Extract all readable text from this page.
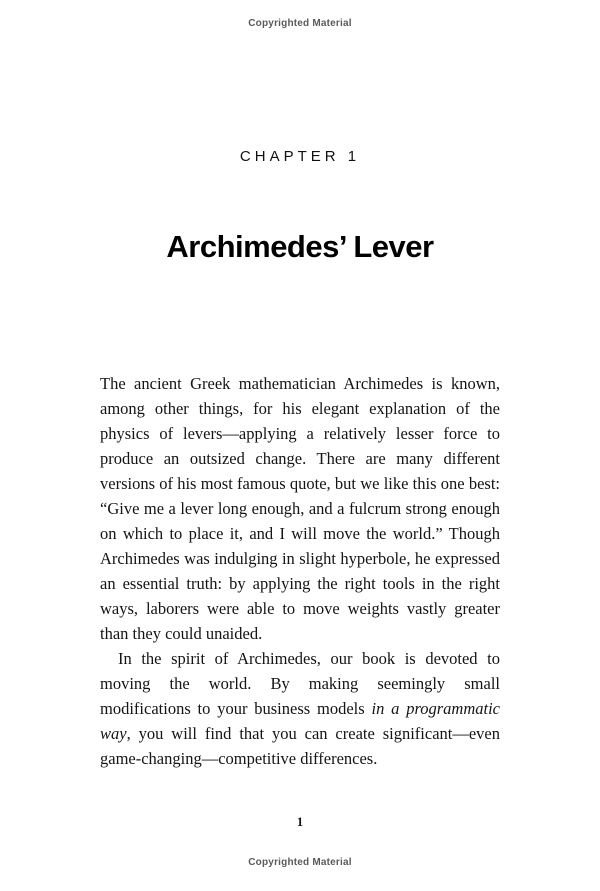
Copyrighted Material
CHAPTER 1
Archimedes’ Lever

The ancient Greek mathematician Archimedes is known, among other things, for his elegant explanation of the physics of levers—applying a relatively lesser force to produce an outsized change. There are many different versions of his most famous quote, but we like this one best: “Give me a lever long enough, and a fulcrum strong enough on which to place it, and I will move the world.” Though Archimedes was indulging in slight hyperbole, he expressed an essential truth: by applying the right tools in the right ways, laborers were able to move weights vastly greater than they could unaided.

In the spirit of Archimedes, our book is devoted to moving the world. By making seemingly small modifications to your business models in a programmatic way, you will find that you can create significant—even game-changing—competitive differences.

1
Copyrighted Material
